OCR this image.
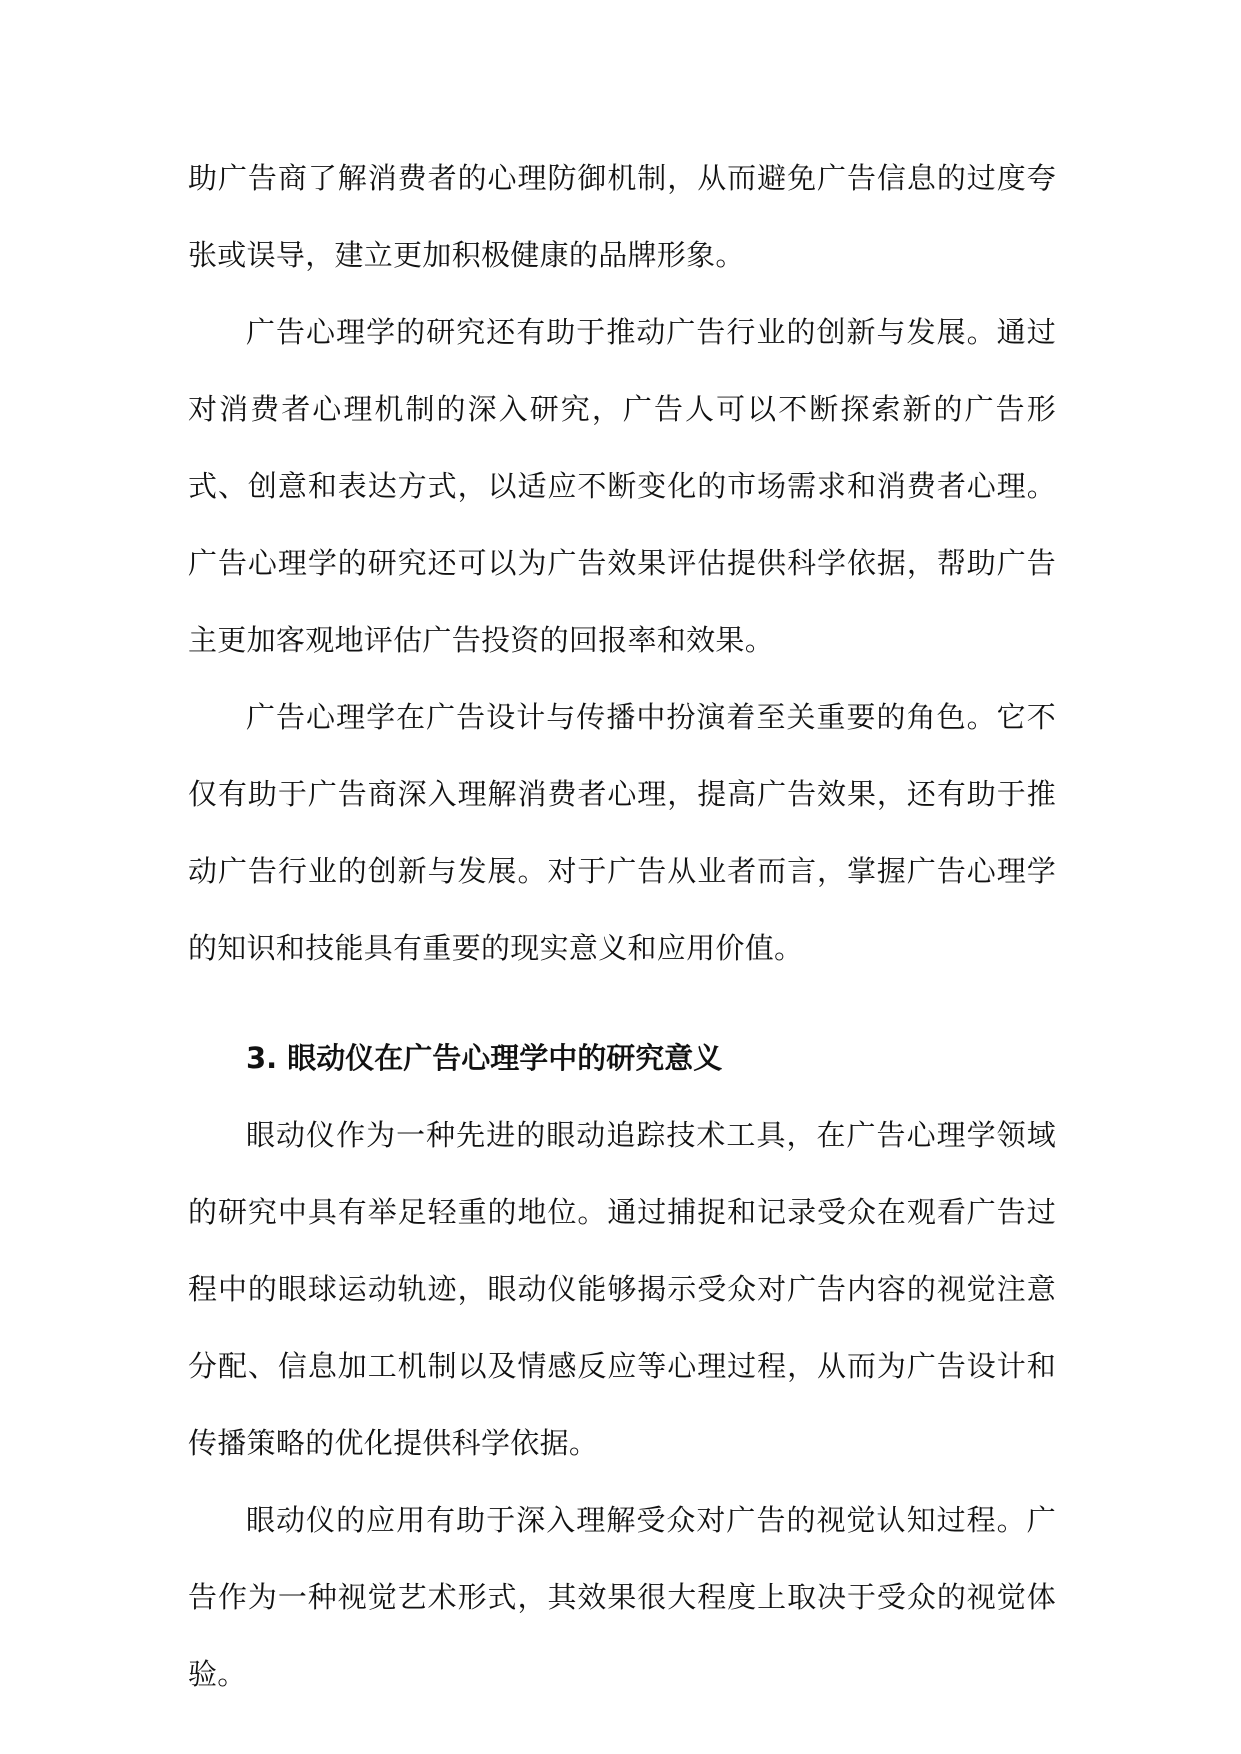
助广告商了解消费者的心理防御机制，从而避免广告信息的过度夸张或误导，建立更加积极健康的品牌形象。

广告心理学的研究还有助于推动广告行业的创新与发展。通过对消费者心理机制的深入研究，广告人可以不断探索新的广告形式、创意和表达方式，以适应不断变化的市场需求和消费者心理。广告心理学的研究还可以为广告效果评估提供科学依据，帮助广告主更加客观地评估广告投资的回报率和效果。

广告心理学在广告设计与传播中扮演着至关重要的角色。它不仅有助于广告商深入理解消费者心理，提高广告效果，还有助于推动广告行业的创新与发展。对于广告从业者而言，掌握广告心理学的知识和技能具有重要的现实意义和应用价值。

3. 眼动仪在广告心理学中的研究意义

眼动仪作为一种先进的眼动追踪技术工具，在广告心理学领域的研究中具有举足轻重的地位。通过捕捉和记录受众在观看广告过程中的眼球运动轨迹，眼动仪能够揭示受众对广告内容的视觉注意分配、信息加工机制以及情感反应等心理过程，从而为广告设计和传播策略的优化提供科学依据。

眼动仪的应用有助于深入理解受众对广告的视觉认知过程。广告作为一种视觉艺术形式，其效果很大程度上取决于受众的视觉体验。
